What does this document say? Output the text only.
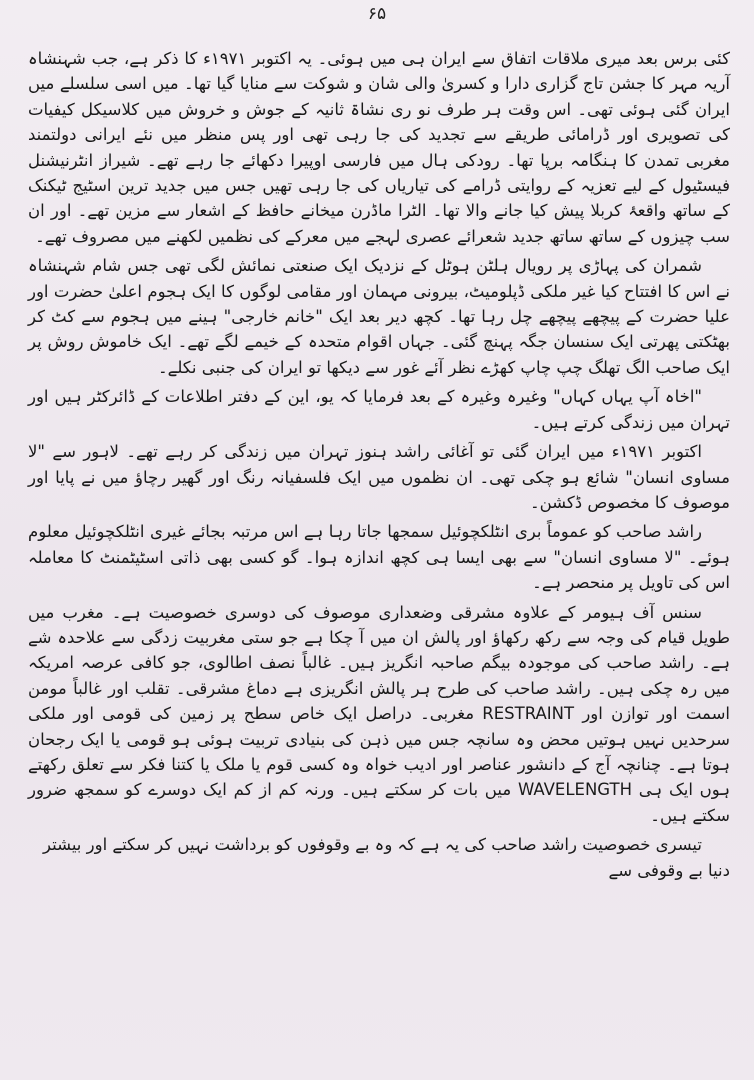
۶۵

کئی برس بعد میری ملاقات اتفاق سے ایران ہی میں ہوئی۔ یہ اکتوبر ۱۹۷۱ء کا ذکر ہے، جب شہنشاہ آریہ مہر کا جشن تاج گزاری دارا و کسریٰ والی شان و شوکت سے منایا گیا تھا۔ میں اسی سلسلے میں ایران گئی ہوئی تھی۔ اس وقت ہر طرف نو ری نشاۃ ثانیہ کے جوش و خروش میں کلاسیکل کیفیات کی تصویری اور ڈرامائی طریقے سے تجدید کی جا رہی تھی اور پس منظر میں نئے ایرانی دولتمند مغربی تمدن کا ہنگامہ برپا تھا۔ رودکی ہال میں فارسی اوپیرا دکھائے جا رہے تھے۔ شیراز انٹرنیشنل فیسٹیول کے لیے تعزیہ کے روایتی ڈرامے کی تیاریاں کی جا رہی تھیں جس میں جدید ترین اسٹیج ٹیکنک کے ساتھ واقعۂ کربلا پیش کیا جانے والا تھا۔ الٹرا ماڈرن میخانے حافظ کے اشعار سے مزین تھے۔ اور ان سب چیزوں کے ساتھ ساتھ جدید شعرائے عصری لہجے میں معرکے کی نظمیں لکھنے میں مصروف تھے۔

شمران کی پہاڑی پر رویال ہلٹن ہوٹل کے نزدیک ایک صنعتی نمائش لگی تھی جس شام شہنشاہ نے اس کا افتتاح کیا غیر ملکی ڈپلومیٹ، بیرونی مہمان اور مقامی لوگوں کا ایک ہجوم اعلیٰ حضرت اور علیا حضرت کے پیچھے پیچھے چل رہا تھا۔ کچھ دیر بعد ایک "خانم خارجی" ہینے میں ہجوم سے کٹ کر بھٹکتی پھرتی ایک سنسان جگہ پہنچ گئی۔ جہاں اقوام متحدہ کے خیمے لگے تھے۔ ایک خاموش روش پر ایک صاحب الگ تھلگ چپ چاپ کھڑے نظر آئے غور سے دیکھا تو ایران کی جنبی نکلے۔

"اخاہ آپ یہاں کہاں" وغیرہ وغیرہ کے بعد فرمایا کہ یو، این کے دفتر اطلاعات کے ڈائرکٹر ہیں اور تہران میں زندگی کرتے ہیں۔

اکتوبر ۱۹۷۱ء میں ایران گئی تو آغائی راشد ہنوز تہران میں زندگی کر رہے تھے۔ لاہور سے "لا مساوی انسان" شائع ہو چکی تھی۔ ان نظموں میں ایک فلسفیانہ رنگ اور گھیر رچاؤ میں نے پایا اور موصوف کا مخصوص ڈکشن۔

راشد صاحب کو عموماً بری انٹلکچوئیل سمجھا جاتا رہا ہے اس مرتبہ بجائے غیری انٹلکچوئیل معلوم ہوئے۔ "لا مساوی انسان" سے بھی ایسا ہی کچھ اندازہ ہوا۔ گو کسی بھی ذاتی اسٹیٹمنٹ کا معاملہ اس کی تاویل پر منحصر ہے۔

سنس آف ہیومر کے علاوہ مشرقی وضعداری موصوف کی دوسری خصوصیت ہے۔ مغرب میں طویل قیام کی وجہ سے رکھ رکھاؤ اور پالش ان میں آ چکا ہے جو ستی مغربیت زدگی سے علاحدہ شے ہے۔ راشد صاحب کی موجودہ بیگم صاحبہ انگریز ہیں۔ غالباً نصف اطالوی، جو کافی عرصہ امریکہ میں رہ چکی ہیں۔ راشد صاحب کی طرح ہر پالش انگریزی ہے دماغ مشرقی۔ تقلب اور غالباً مومن اسمت اور توازن اور RESTRAINT مغربی۔ دراصل ایک خاص سطح پر زمین کی قومی اور ملکی سرحدیں نہیں ہوتیں محض وہ سانچہ جس میں ذہن کی بنیادی تربیت ہوئی ہو قومی یا ایک رجحان ہوتا ہے۔ چنانچہ آج کے دانشور عناصر اور ادیب خواہ وہ کسی قوم یا ملک یا کتنا فکر سے تعلق رکھتے ہوں ایک ہی WAVELENGTH میں بات کر سکتے ہیں۔ ورنہ کم از کم ایک دوسرے کو سمجھ ضرور سکتے ہیں۔

تیسری خصوصیت راشد صاحب کی یہ ہے کہ وہ بے وقوفوں کو برداشت نہیں کر سکتے اور بیشتر دنیا بے وقوفی سے
